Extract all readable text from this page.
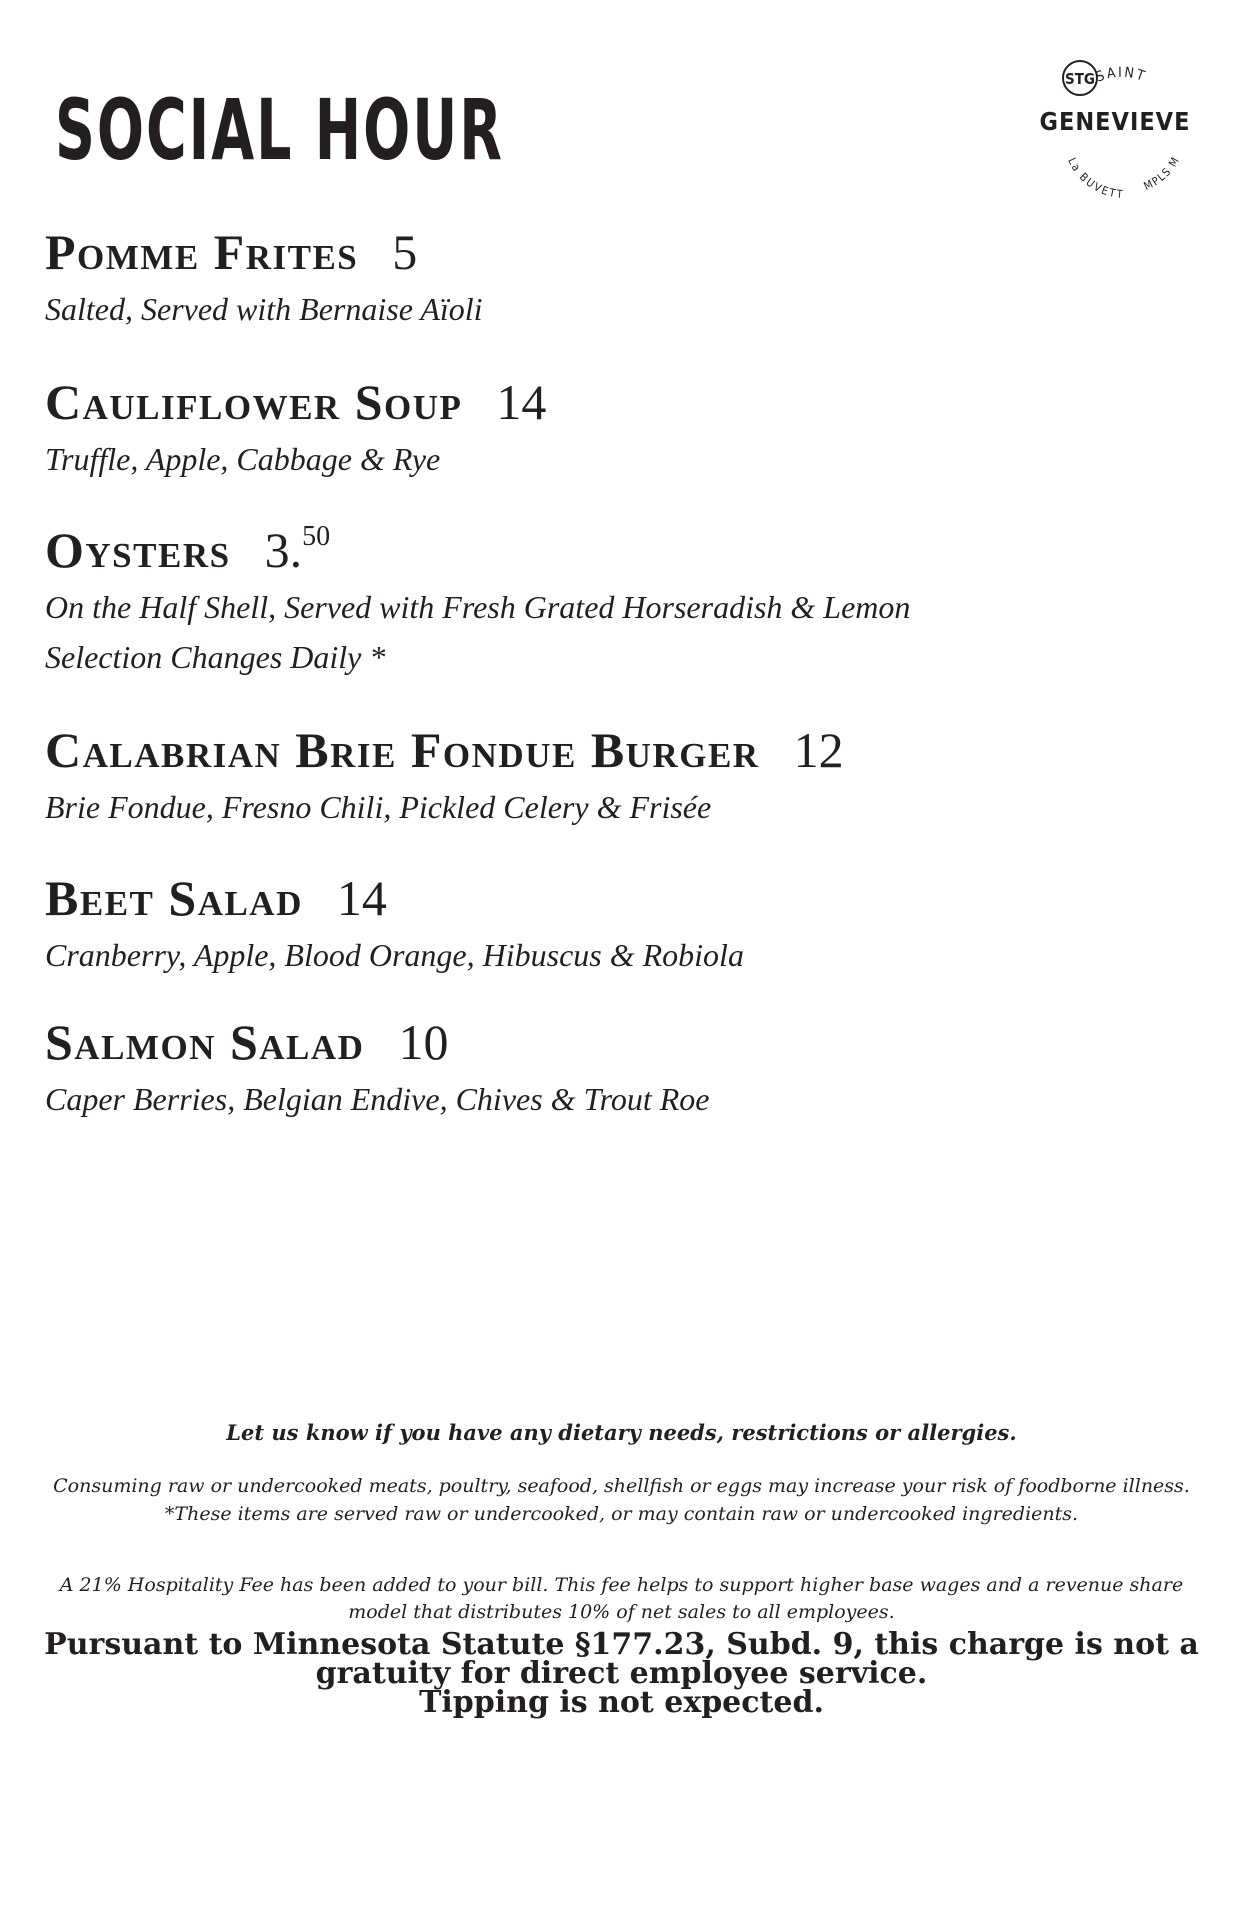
SOCIAL HOUR
STG
SAINT
GENEVIEVE
MPLS M
La BUVETT
Pomme Frites 5
Salted, Served with Bernaise Aïoli
Cauliflower Soup 14
Truffle, Apple, Cabbage & Rye
Oysters 3.50
On the Half Shell, Served with Fresh Grated Horseradish & Lemon
Selection Changes Daily *
Calabrian Brie Fondue Burger 12
Brie Fondue, Fresno Chili, Pickled Celery & Frisée
Beet Salad 14
Cranberry, Apple, Blood Orange, Hibuscus & Robiola
Salmon Salad 10
Caper Berries, Belgian Endive, Chives & Trout Roe

Let us know if you have any dietary needs, restrictions or allergies.

Consuming raw or undercooked meats, poultry, seafood, shellfish or eggs may increase your risk of foodborne illness.
*These items are served raw or undercooked, or may contain raw or undercooked ingredients.

A 21% Hospitality Fee has been added to your bill. This fee helps to support higher base wages and a revenue share model that distributes 10% of net sales to all employees.

Pursuant to Minnesota Statute §177.23, Subd. 9, this charge is not a gratuity for direct employee service.
Tipping is not expected.
